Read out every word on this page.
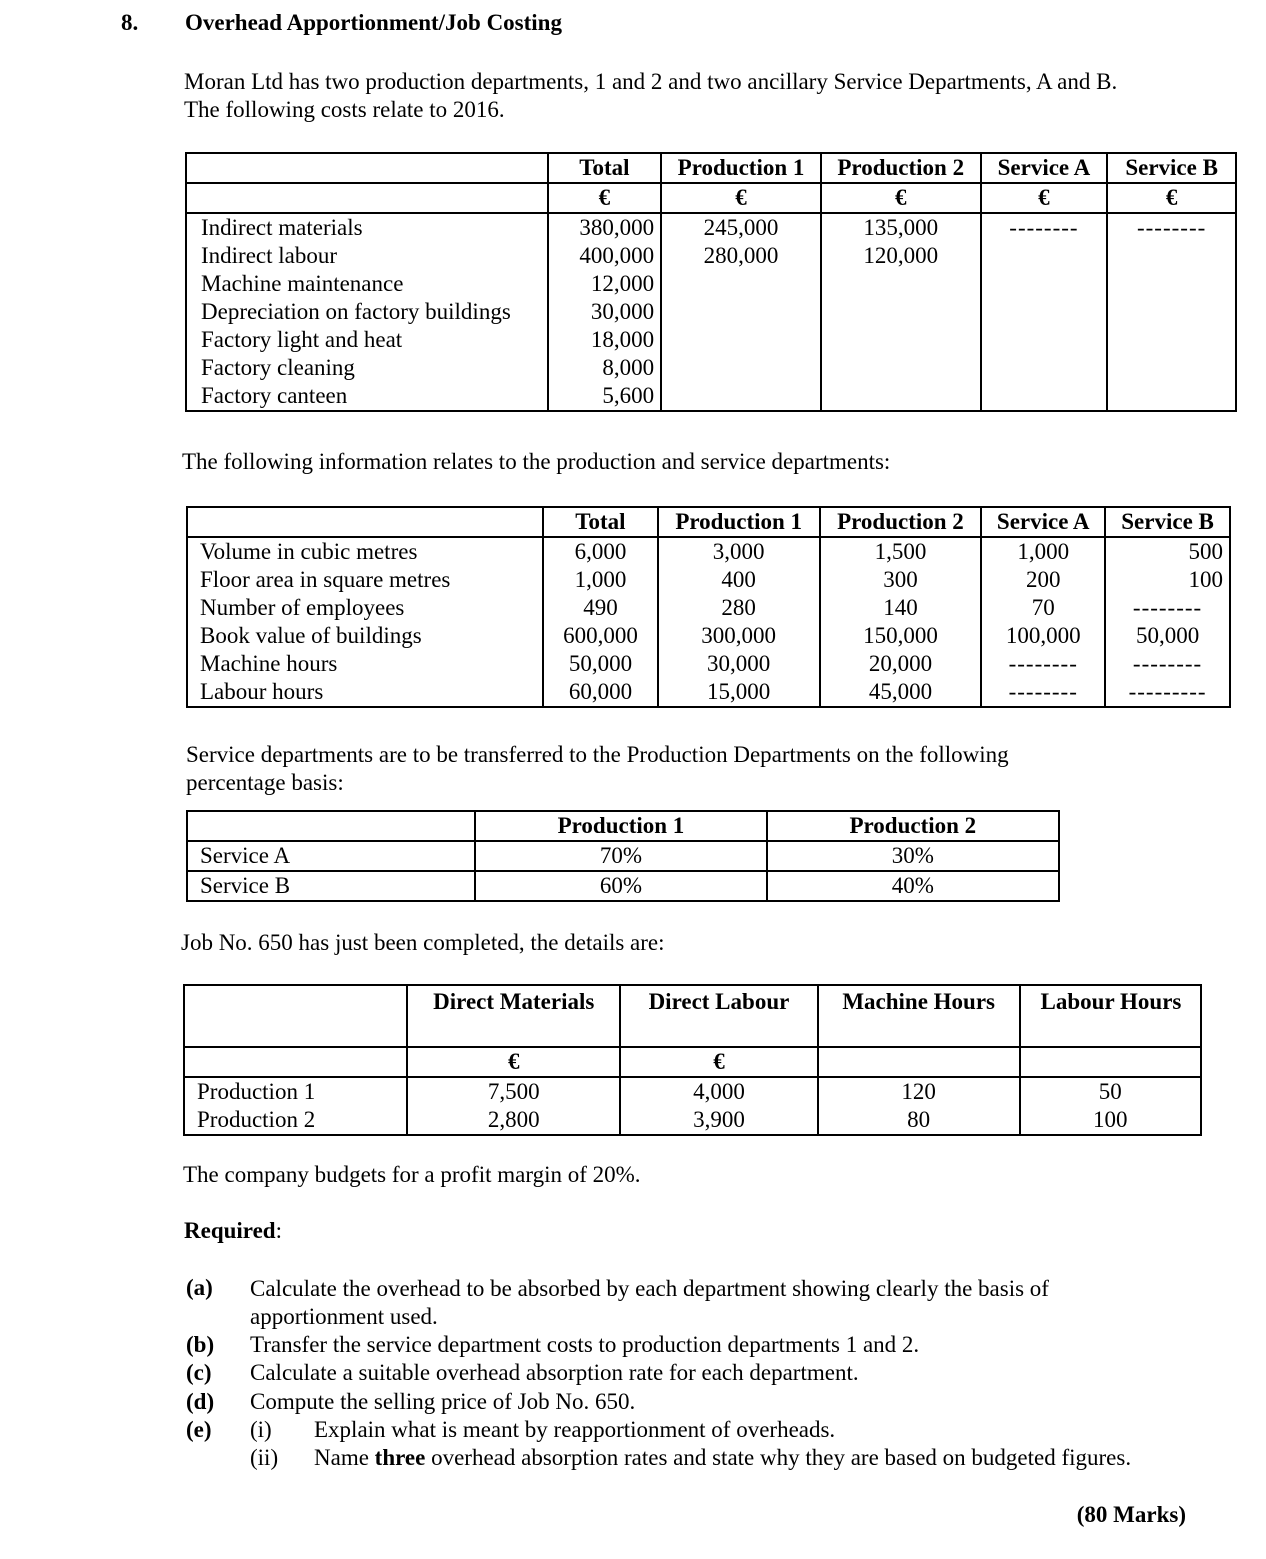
8. Overhead Apportionment/Job Costing
Moran Ltd has two production departments, 1 and 2 and two ancillary Service Departments, A and B.
The following costs relate to 2016.
	Total	Production 1	Production 2	Service A	Service B
	€	€	€	€	€
Indirect materials	380,000	245,000	135,000	--------	--------
Indirect labour	400,000	280,000	120,000		
Machine maintenance	12,000				
Depreciation on factory buildings	30,000				
Factory light and heat	18,000				
Factory cleaning	8,000				
Factory canteen	5,600				
The following information relates to the production and service departments:
	Total	Production 1	Production 2	Service A	Service B
Volume in cubic metres	6,000	3,000	1,500	1,000	500
Floor area in square metres	1,000	400	300	200	100
Number of employees	490	280	140	70	--------
Book value of buildings	600,000	300,000	150,000	100,000	50,000
Machine hours	50,000	30,000	20,000	--------	--------
Labour hours	60,000	15,000	45,000	--------	---------
Service departments are to be transferred to the Production Departments on the following
percentage basis:
	Production 1	Production 2
Service A	70%	30%
Service B	60%	40%
Job No. 650 has just been completed, the details are:
	Direct Materials	Direct Labour	Machine Hours	Labour Hours
	€	€		
Production 1	7,500	4,000	120	50
Production 2	2,800	3,900	80	100
The company budgets for a profit margin of 20%.
Required:
(a) Calculate the overhead to be absorbed by each department showing clearly the basis of
apportionment used.
(b) Transfer the service department costs to production departments 1 and 2.
(c) Calculate a suitable overhead absorption rate for each department.
(d) Compute the selling price of Job No. 650.
(e) (i) Explain what is meant by reapportionment of overheads.
(ii) Name three overhead absorption rates and state why they are based on budgeted figures.
(80 Marks)
